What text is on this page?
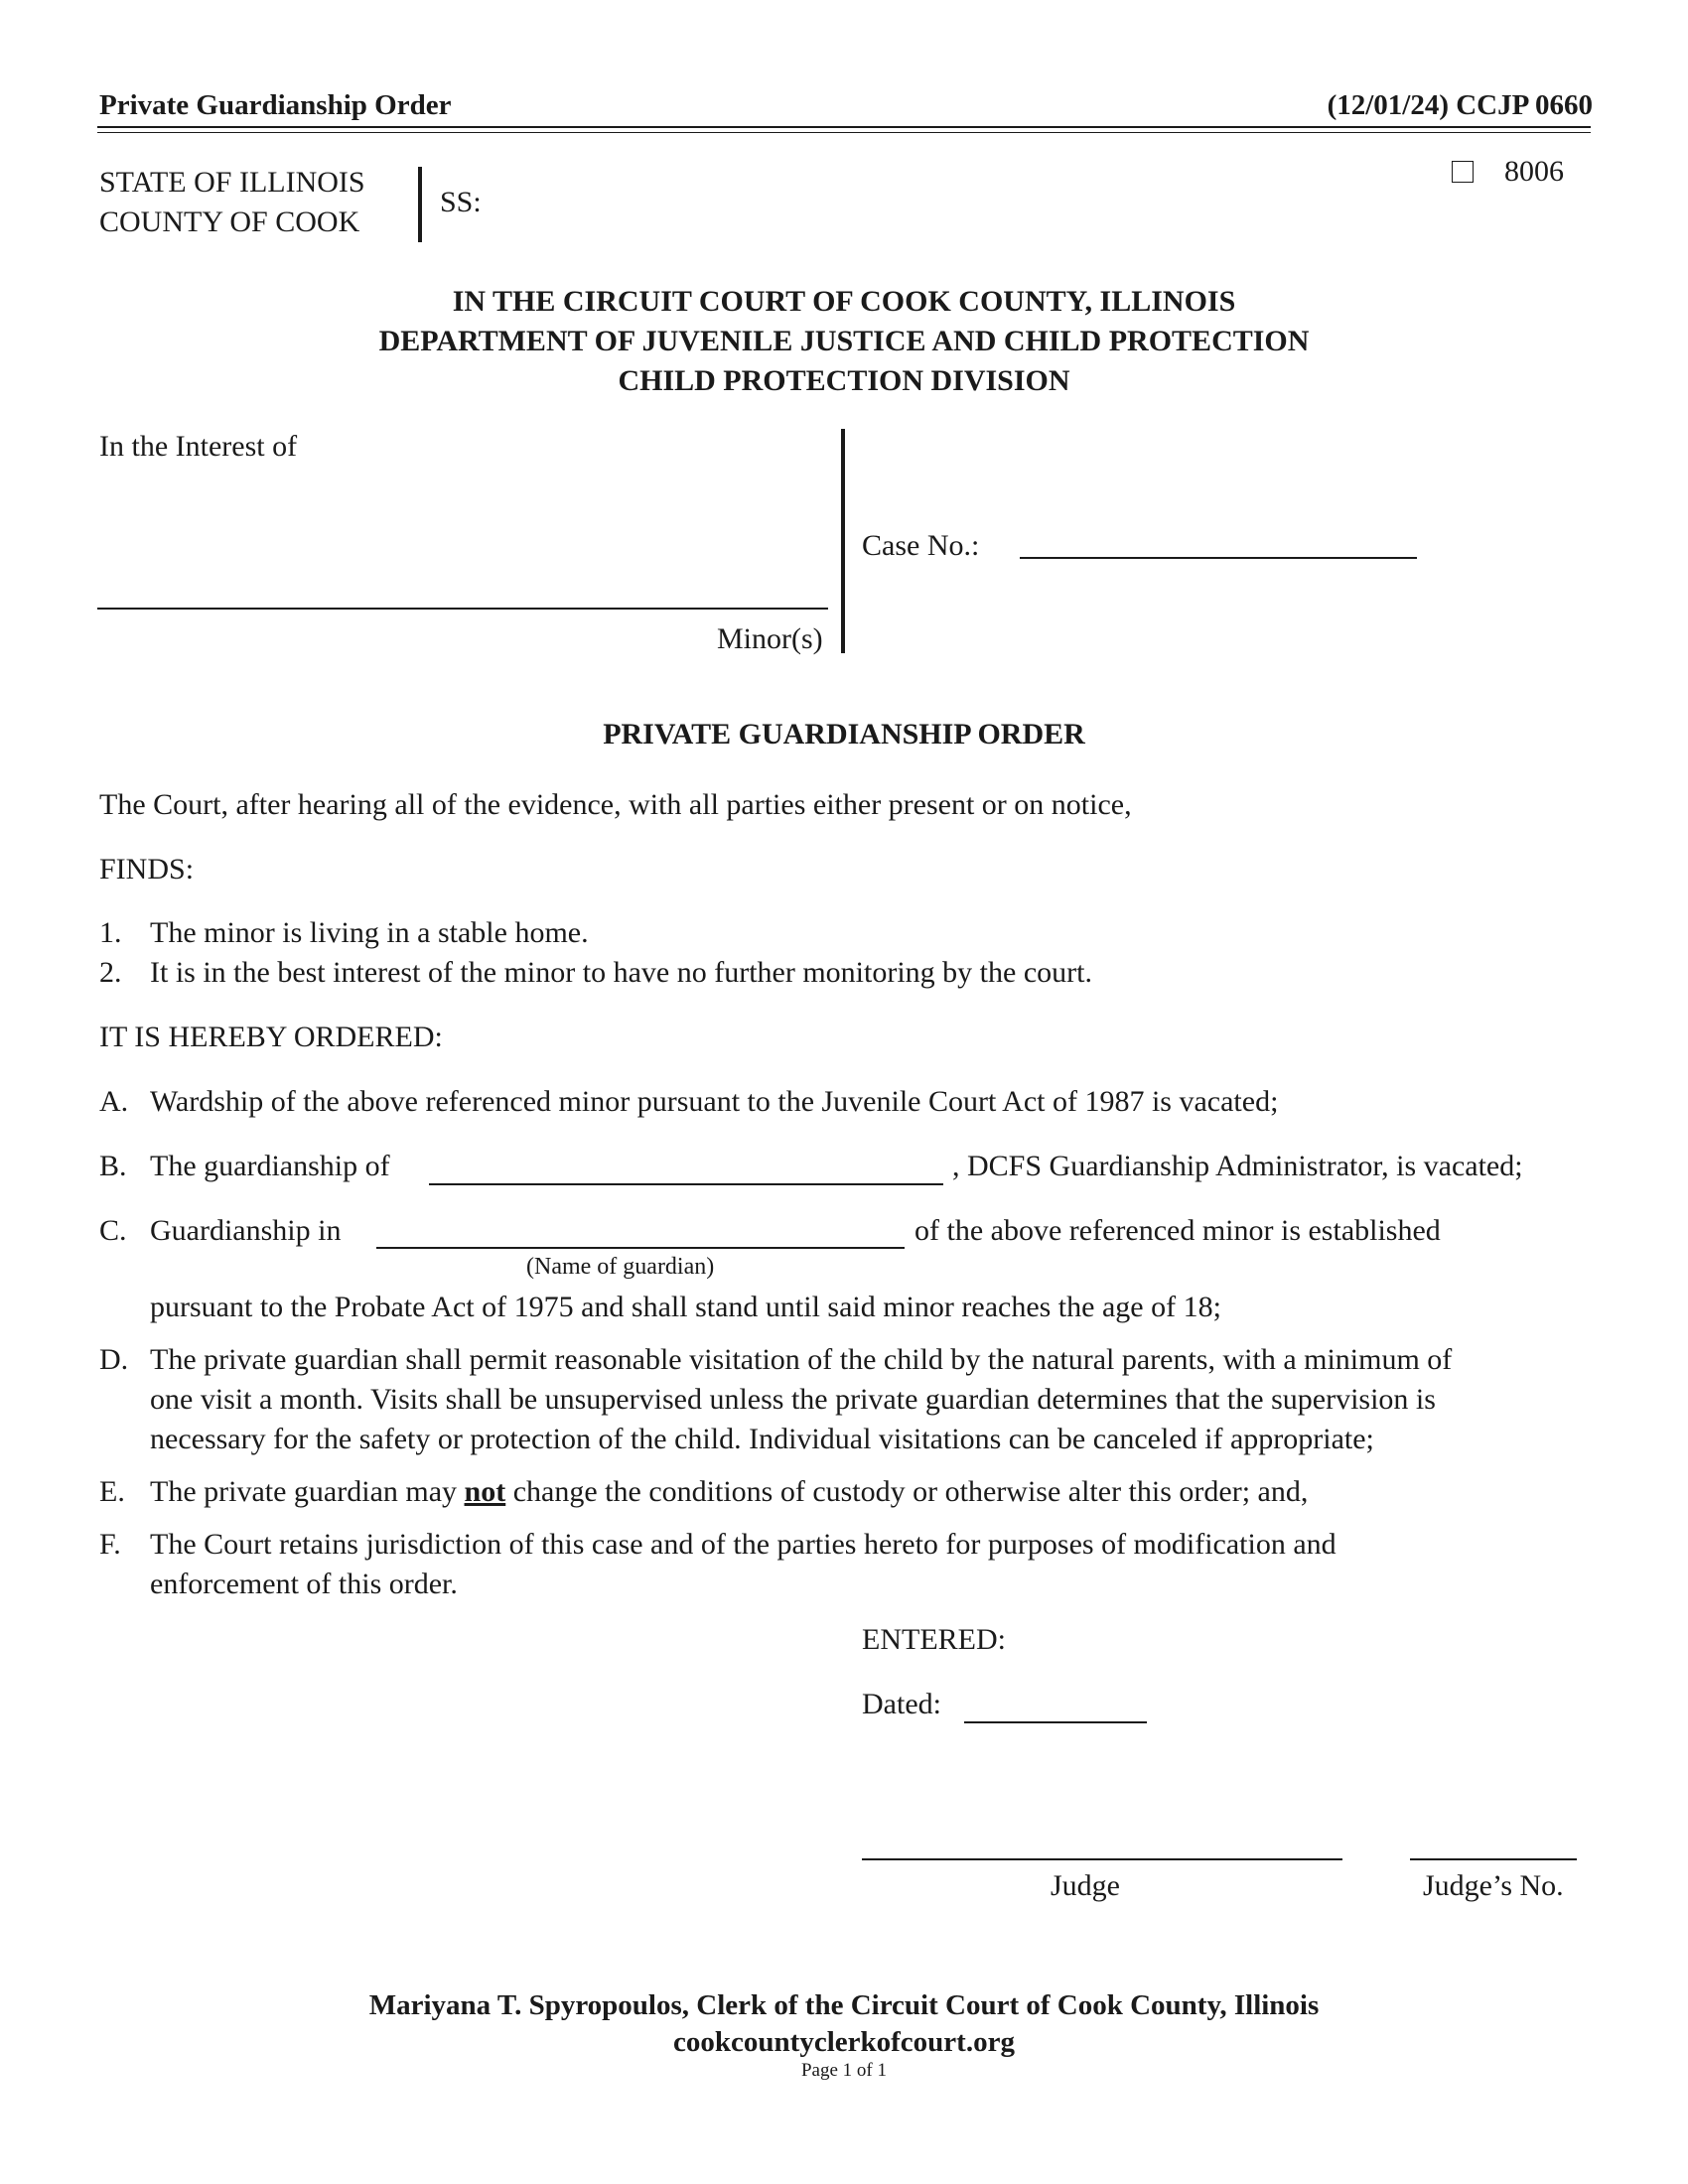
Private Guardianship Order	(12/01/24) CCJP 0660
8006
STATE OF ILLINOIS
COUNTY OF COOK
SS:
IN THE CIRCUIT COURT OF COOK COUNTY, ILLINOIS
DEPARTMENT OF JUVENILE JUSTICE AND CHILD PROTECTION
CHILD PROTECTION DIVISION
In the Interest of
Minor(s)
Case No.:
PRIVATE GUARDIANSHIP ORDER
The Court, after hearing all of the evidence, with all parties either present or on notice,
FINDS:
1. The minor is living in a stable home.
2. It is in the best interest of the minor to have no further monitoring by the court.
IT IS HEREBY ORDERED:
A. Wardship of the above referenced minor pursuant to the Juvenile Court Act of 1987 is vacated;
B. The guardianship of	, DCFS Guardianship Administrator, is vacated;
C. Guardianship in	of the above referenced minor is established
(Name of guardian)
pursuant to the Probate Act of 1975 and shall stand until said minor reaches the age of 18;
D. The private guardian shall permit reasonable visitation of the child by the natural parents, with a minimum of
one visit a month. Visits shall be unsupervised unless the private guardian determines that the supervision is
necessary for the safety or protection of the child. Individual visitations can be canceled if appropriate;
E. The private guardian may not change the conditions of custody or otherwise alter this order; and,
F. The Court retains jurisdiction of this case and of the parties hereto for purposes of modification and
enforcement of this order.
ENTERED:
Dated:
Judge	Judge’s No.
Mariyana T. Spyropoulos, Clerk of the Circuit Court of Cook County, Illinois
cookcountyclerkofcourt.org
Page 1 of 1
